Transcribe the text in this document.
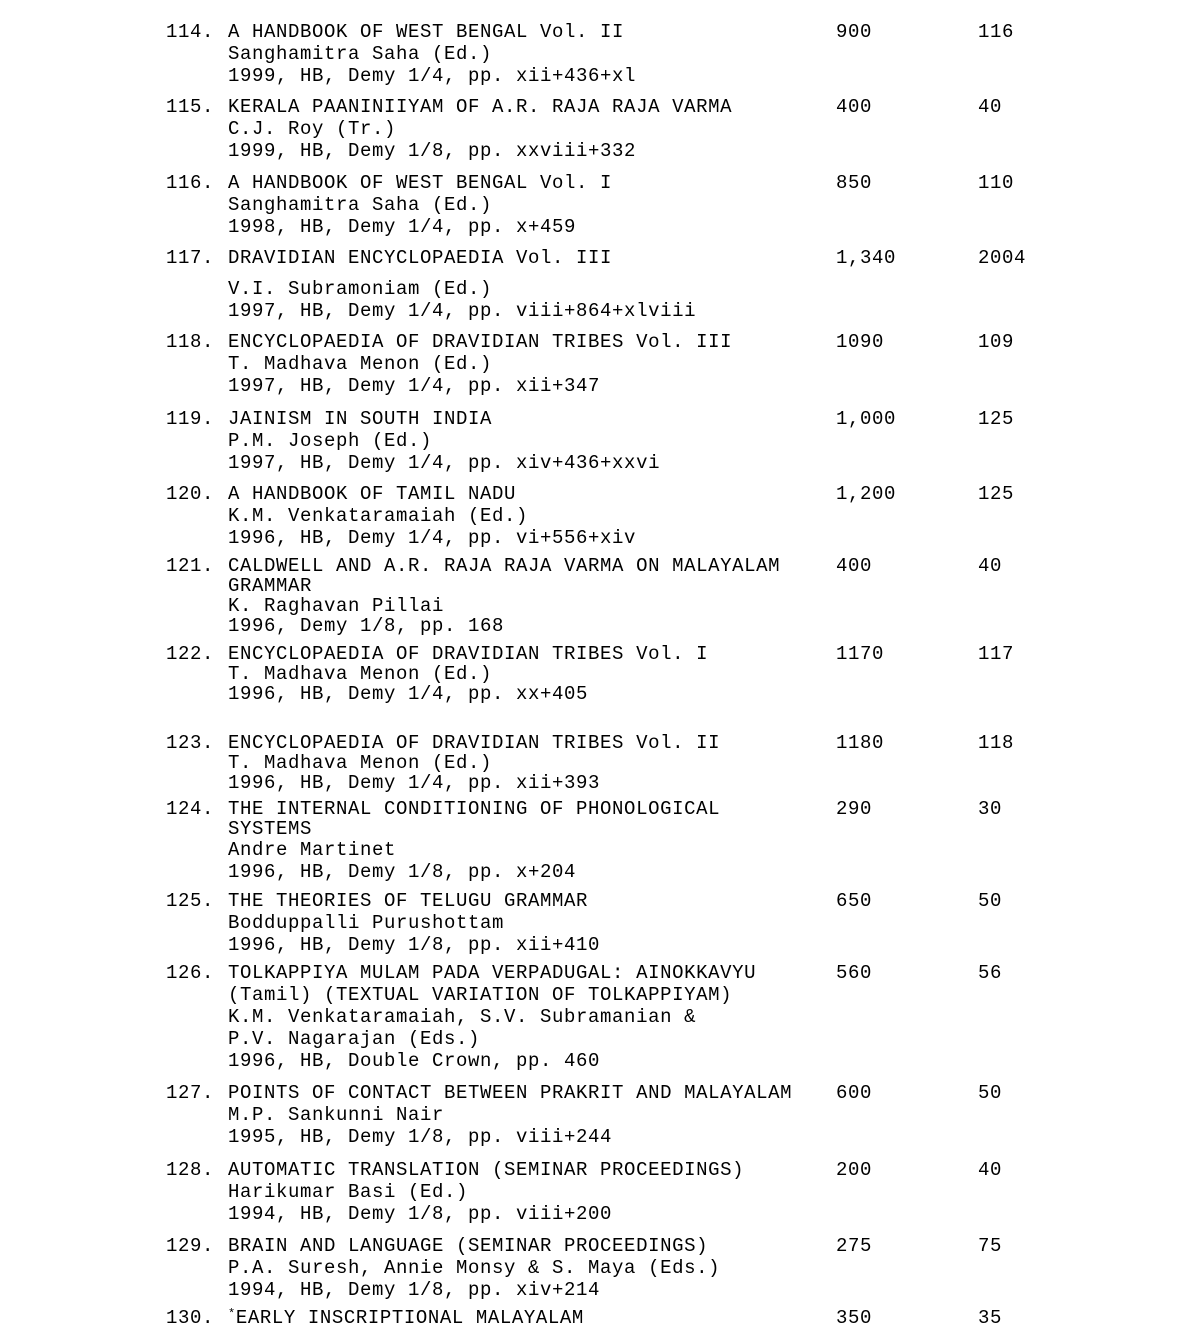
114. A HANDBOOK OF WEST BENGAL Vol. II	900	116
Sanghamitra Saha (Ed.)
1999, HB, Demy 1/4, pp. xii+436+xl
115. KERALA PAANINIIYAM OF A.R. RAJA RAJA VARMA	400	40
C.J. Roy (Tr.)
1999, HB, Demy 1/8, pp. xxviii+332
116. A HANDBOOK OF WEST BENGAL Vol. I	850	110
Sanghamitra Saha (Ed.)
1998, HB, Demy 1/4, pp. x+459
117. DRAVIDIAN ENCYCLOPAEDIA Vol. III	1,340	2004
V.I. Subramoniam (Ed.)
1997, HB, Demy 1/4, pp. viii+864+xlviii
118. ENCYCLOPAEDIA OF DRAVIDIAN TRIBES Vol. III	1090	109
T. Madhava Menon (Ed.)
1997, HB, Demy 1/4, pp. xii+347
119. JAINISM IN SOUTH INDIA	1,000	125
P.M. Joseph (Ed.)
1997, HB, Demy 1/4, pp. xiv+436+xxvi
120. A HANDBOOK OF TAMIL NADU	1,200	125
K.M. Venkataramaiah (Ed.)
1996, HB, Demy 1/4, pp. vi+556+xiv
121. CALDWELL AND A.R. RAJA RAJA VARMA ON MALAYALAM	400	40
GRAMMAR
K. Raghavan Pillai
1996, Demy 1/8, pp. 168
122. ENCYCLOPAEDIA OF DRAVIDIAN TRIBES Vol. I	1170	117
T. Madhava Menon (Ed.)
1996, HB, Demy 1/4, pp. xx+405
123. ENCYCLOPAEDIA OF DRAVIDIAN TRIBES Vol. II	1180	118
T. Madhava Menon (Ed.)
1996, HB, Demy 1/4, pp. xii+393
124. THE INTERNAL CONDITIONING OF PHONOLOGICAL	290	30
SYSTEMS
Andre Martinet
1996, HB, Demy 1/8, pp. x+204
125. THE THEORIES OF TELUGU GRAMMAR	650	50
Bodduppalli Purushottam
1996, HB, Demy 1/8, pp. xii+410
126. TOLKAPPIYA MULAM PADA VERPADUGAL: AINOKKAVYU	560	56
(Tamil) (TEXTUAL VARIATION OF TOLKAPPIYAM)
K.M. Venkataramaiah, S.V. Subramanian &
P.V. Nagarajan (Eds.)
1996, HB, Double Crown, pp. 460
127. POINTS OF CONTACT BETWEEN PRAKRIT AND MALAYALAM 600	50
M.P. Sankunni Nair
1995, HB, Demy 1/8, pp. viii+244
128. AUTOMATIC TRANSLATION (SEMINAR PROCEEDINGS)	200	40
Harikumar Basi (Ed.)
1994, HB, Demy 1/8, pp. viii+200
129. BRAIN AND LANGUAGE (SEMINAR PROCEEDINGS)	275	75
P.A. Suresh, Annie Monsy & S. Maya (Eds.)
1994, HB, Demy 1/8, pp. xiv+214
130. *EARLY INSCRIPTIONAL MALAYALAM	350	35
